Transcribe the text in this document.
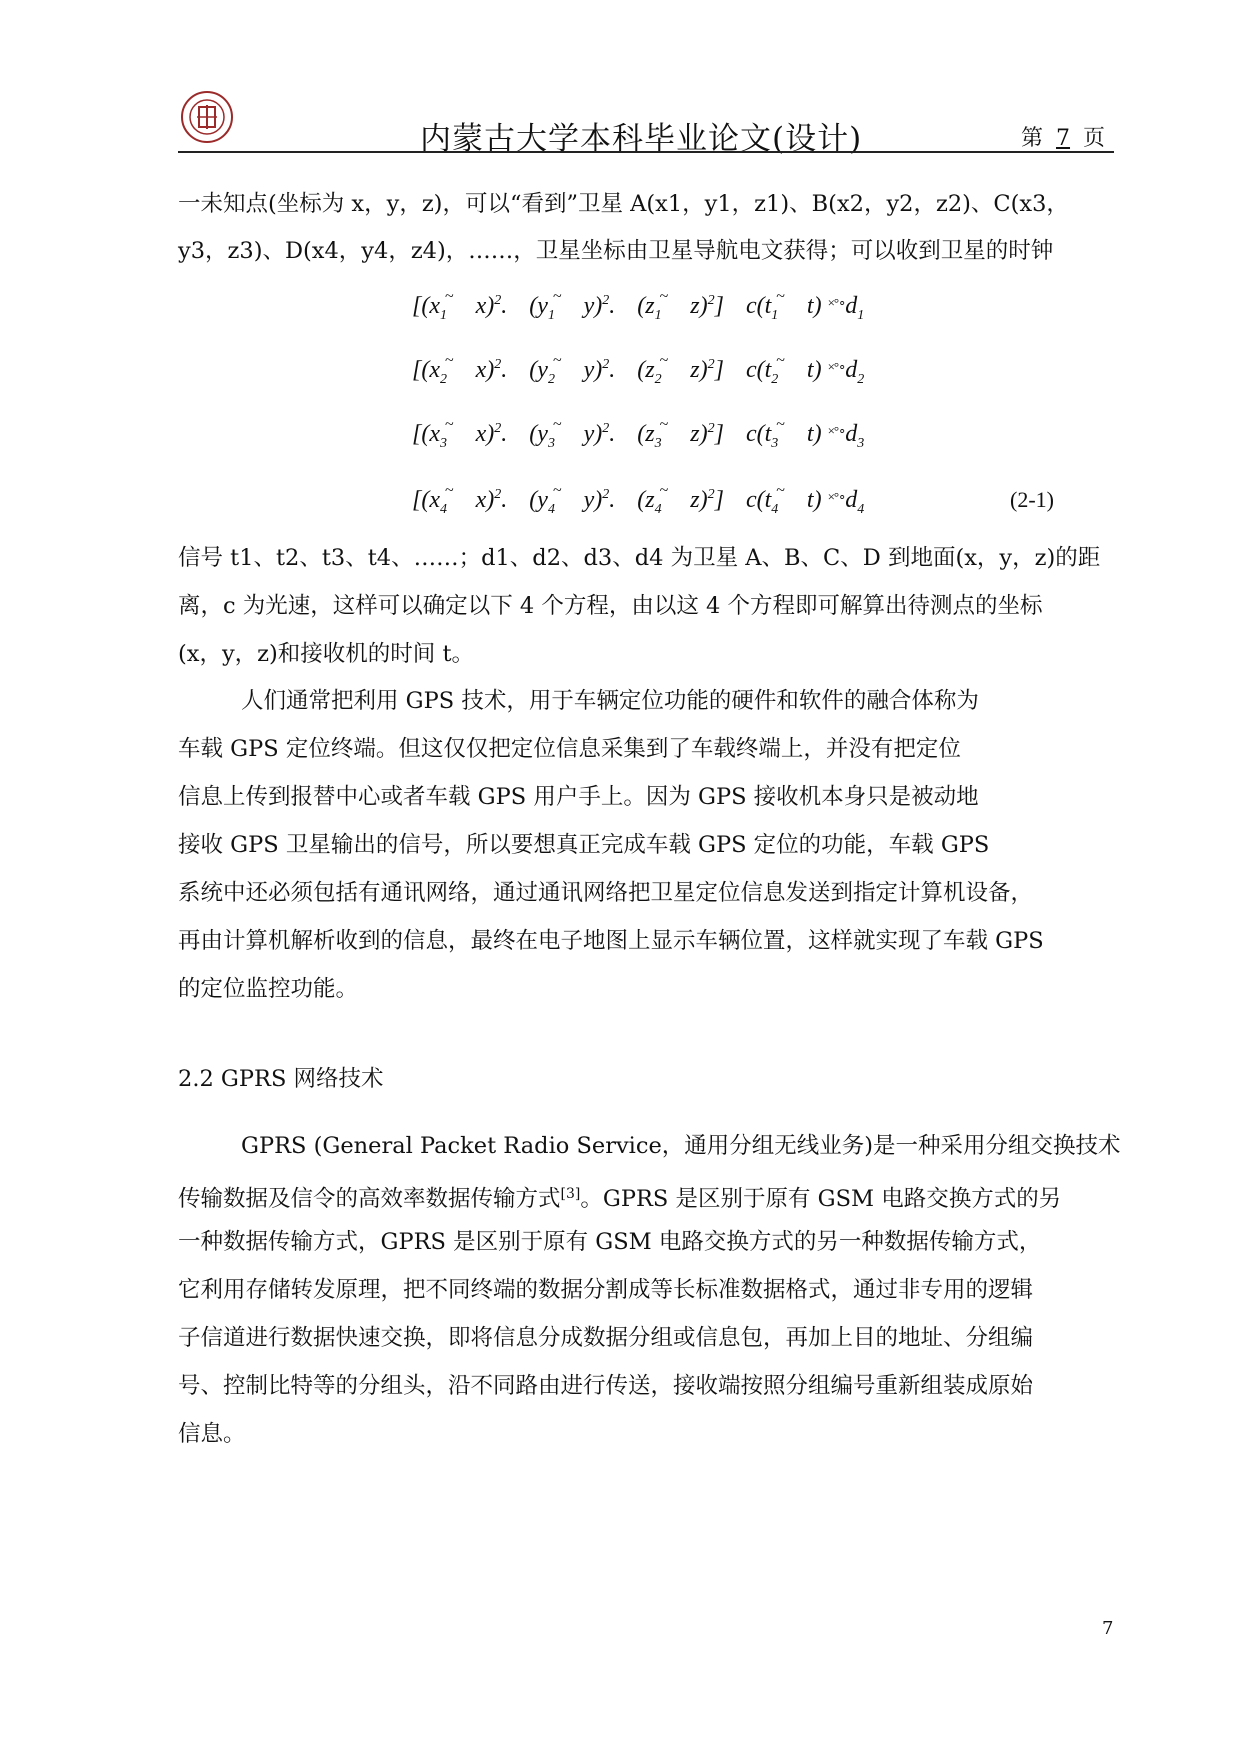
内蒙古大学本科毕业论文(设计)	第 7 页
一未知点(坐标为 x，y，z)，可以“看到”卫星 A(x1，y1，z1)、B(x2，y2，z2)、C(x3，
y3，z3)、D(x4，y4，z4)，……，卫星坐标由卫星导航电文获得；可以收到卫星的时钟
[($x_1^\sim$ x)$^2$. ($y_1^\sim$ y)$^2$. ($z_1^\sim$ z)$^2$] $c(t_1^\sim$ t) $^{\times^\circ\circ}d_1$
[($x_2^\sim$ x)$^2$. ($y_2^\sim$ y)$^2$. ($z_2^\sim$ z)$^2$] $c(t_2^\sim$ t) $^{\times^\circ\circ}d_2$
[($x_3^\sim$ x)$^2$. ($y_3^\sim$ y)$^2$. ($z_3^\sim$ z)$^2$] $c(t_3^\sim$ t) $^{\times^\circ\circ}d_3$
[($x_4^\sim$ x)$^2$. ($y_4^\sim$ y)$^2$. ($z_4^\sim$ z)$^2$] $c(t_4^\sim$ t) $^{\times^\circ\circ}d_4$	(2-1)
信号 t1、t2、t3、t4、……；d1、d2、d3、d4 为卫星 A、B、C、D 到地面(x，y，z)的距
离，c 为光速，这样可以确定以下 4 个方程，由以这 4 个方程即可解算出待测点的坐标
(x，y，z)和接收机的时间 t。
人们通常把利用 GPS 技术，用于车辆定位功能的硬件和软件的融合体称为
车载 GPS 定位终端。但这仅仅把定位信息采集到了车载终端上，并没有把定位
信息上传到报替中心或者车载 GPS 用户手上。因为 GPS 接收机本身只是被动地
接收 GPS 卫星输出的信号，所以要想真正完成车载 GPS 定位的功能，车载 GPS
系统中还必须包括有通讯网络，通过通讯网络把卫星定位信息发送到指定计算机设备，
再由计算机解析收到的信息，最终在电子地图上显示车辆位置，这样就实现了车载 GPS
的定位监控功能。
2.2 GPRS 网络技术
GPRS (General Packet Radio Service，通用分组无线业务)是一种采用分组交换技术
传输数据及信令的高效率数据传输方式[3]。GPRS 是区别于原有 GSM 电路交换方式的另
一种数据传输方式，GPRS 是区别于原有 GSM 电路交换方式的另一种数据传输方式，
它利用存储转发原理，把不同终端的数据分割成等长标准数据格式，通过非专用的逻辑
子信道进行数据快速交换，即将信息分成数据分组或信息包，再加上目的地址、分组编
号、控制比特等的分组头，沿不同路由进行传送，接收端按照分组编号重新组装成原始
信息。
7
